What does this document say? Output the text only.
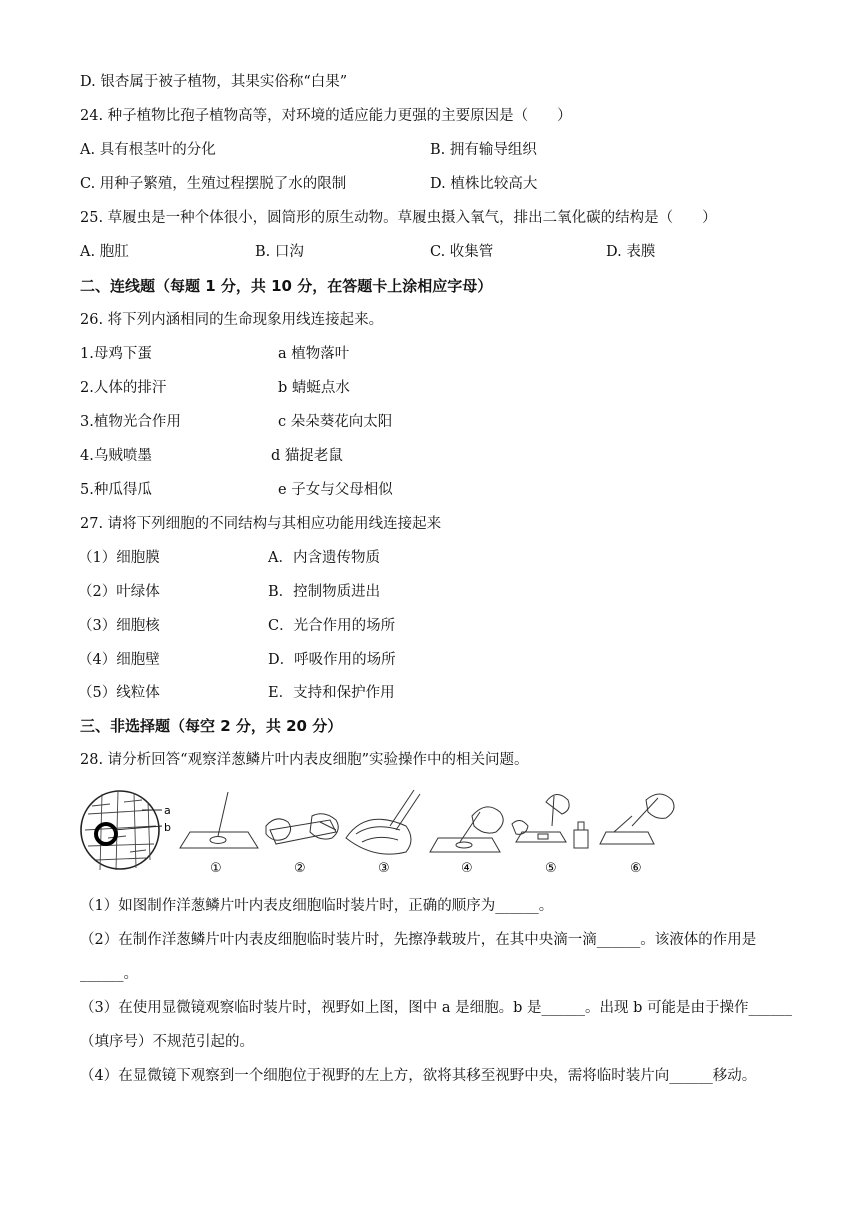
D. 银杏属于被子植物，其果实俗称“白果”
24. 种子植物比孢子植物高等，对环境的适应能力更强的主要原因是（　　）
A. 具有根茎叶的分化	B. 拥有输导组织
C. 用种子繁殖，生殖过程摆脱了水的限制	D. 植株比较高大
25. 草履虫是一种个体很小，圆筒形的原生动物。草履虫摄入氧气，排出二氧化碳的结构是（　　）
A. 胞肛	B. 口沟	C. 收集管	D. 表膜
二、连线题（每题 1 分，共 10 分，在答题卡上涂相应字母）
26. 将下列内涵相同的生命现象用线连接起来。
1.母鸡下蛋	a 植物落叶
2.人体的排汗	b 蜻蜓点水
3.植物光合作用	c 朵朵葵花向太阳
4.乌贼喷墨	d 猫捉老鼠
5.种瓜得瓜	e 子女与父母相似
27. 请将下列细胞的不同结构与其相应功能用线连接起来
（1）细胞膜	A．内含遗传物质
（2）叶绿体	B．控制物质进出
（3）细胞核	C．光合作用的场所
（4）细胞壁	D．呼吸作用的场所
（5）线粒体	E．支持和保护作用
三、非选择题（每空 2 分，共 20 分）
28. 请分析回答“观察洋葱鳞片叶内表皮细胞”实验操作中的相关问题。
a
b
①	②	③	④	⑤	⑥
（1）如图制作洋葱鳞片叶内表皮细胞临时装片时，正确的顺序为______。
（2）在制作洋葱鳞片叶内表皮细胞临时装片时，先擦净载玻片，在其中央滴一滴______。该液体的作用是
______。
（3）在使用显微镜观察临时装片时，视野如上图，图中 a 是细胞。b 是______。出现 b 可能是由于操作______
（填序号）不规范引起的。
（4）在显微镜下观察到一个细胞位于视野的左上方，欲将其移至视野中央，需将临时装片向______移动。
